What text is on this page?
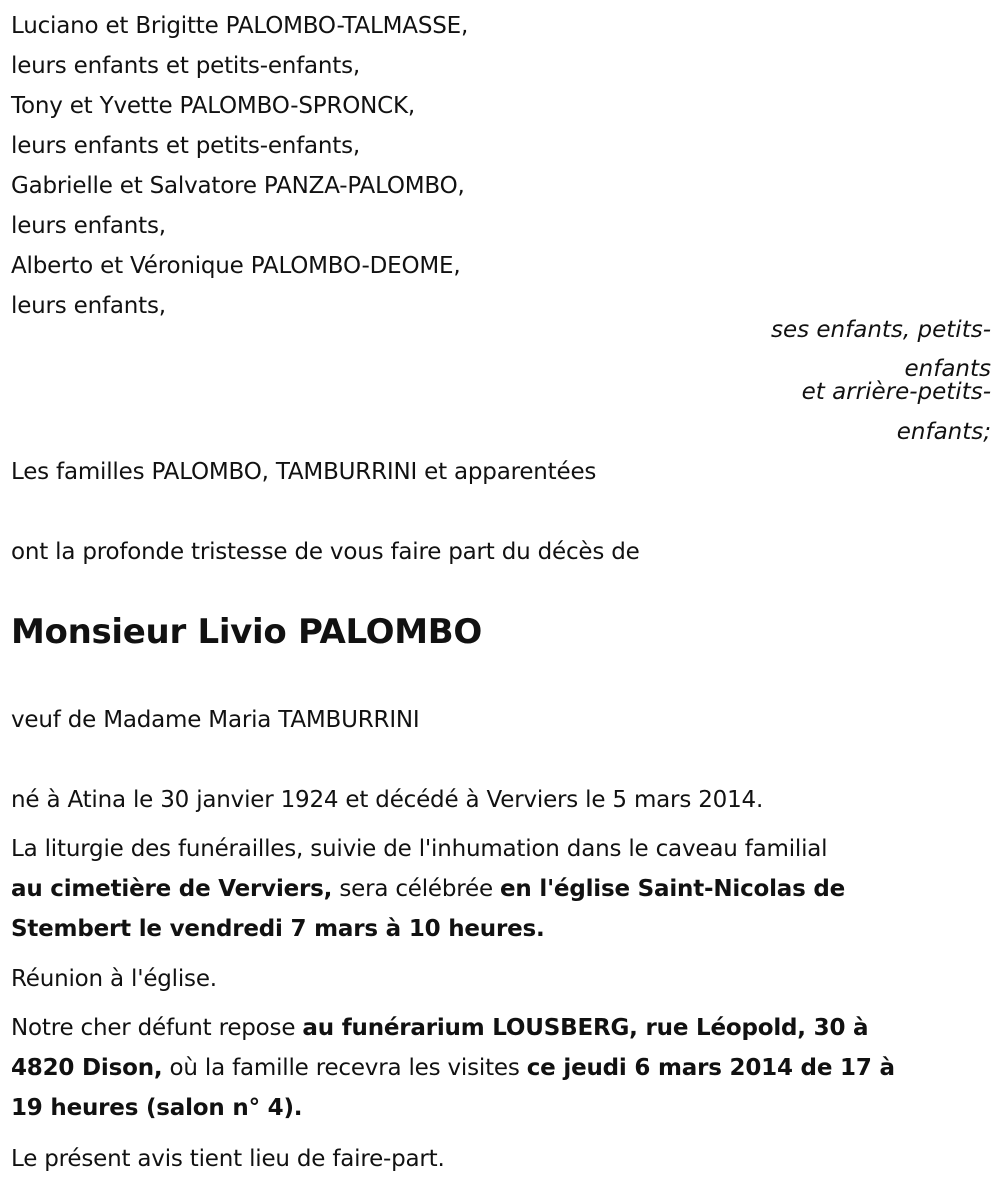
Luciano et Brigitte PALOMBO-TALMASSE,
leurs enfants et petits-enfants,
Tony et Yvette PALOMBO-SPRONCK,
leurs enfants et petits-enfants,
Gabrielle et Salvatore PANZA-PALOMBO,
leurs enfants,
Alberto et Véronique PALOMBO-DEOME,
leurs enfants,
ses enfants, petits-
enfants
et arrière-petits-
enfants;
Les familles PALOMBO, TAMBURRINI et apparentées
ont la profonde tristesse de vous faire part du décès de
Monsieur Livio PALOMBO
veuf de Madame Maria TAMBURRINI
né à Atina le 30 janvier 1924 et décédé à Verviers le 5 mars 2014.
La liturgie des funérailles, suivie de l'inhumation dans le caveau familial
au cimetière de Verviers, sera célébrée en l'église Saint-Nicolas de
Stembert le vendredi 7 mars à 10 heures.
Réunion à l'église.
Notre cher défunt repose au funérarium LOUSBERG, rue Léopold, 30 à
4820 Dison, où la famille recevra les visites ce jeudi 6 mars 2014 de 17 à
19 heures (salon n° 4).
Le présent avis tient lieu de faire-part.
